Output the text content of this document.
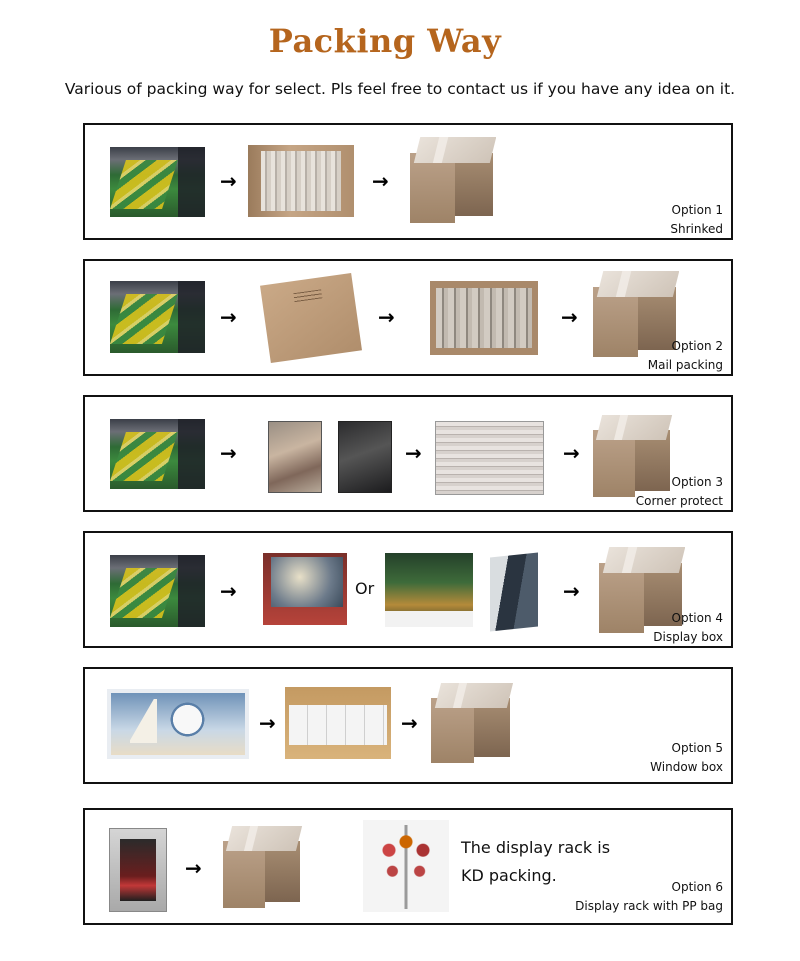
Packing Way
Various of packing way for select. Pls feel free to contact us if you have any idea on it.
→	→
Option 1
Shrinked
→	→	→
Option 2
Mail packing
→	→	→
Option 3
Corner protect
→	Or	→
Option 4
Display box
→	→
Option 5
Window box
→
The display rack is
KD packing.
Option 6
Display rack with PP bag
